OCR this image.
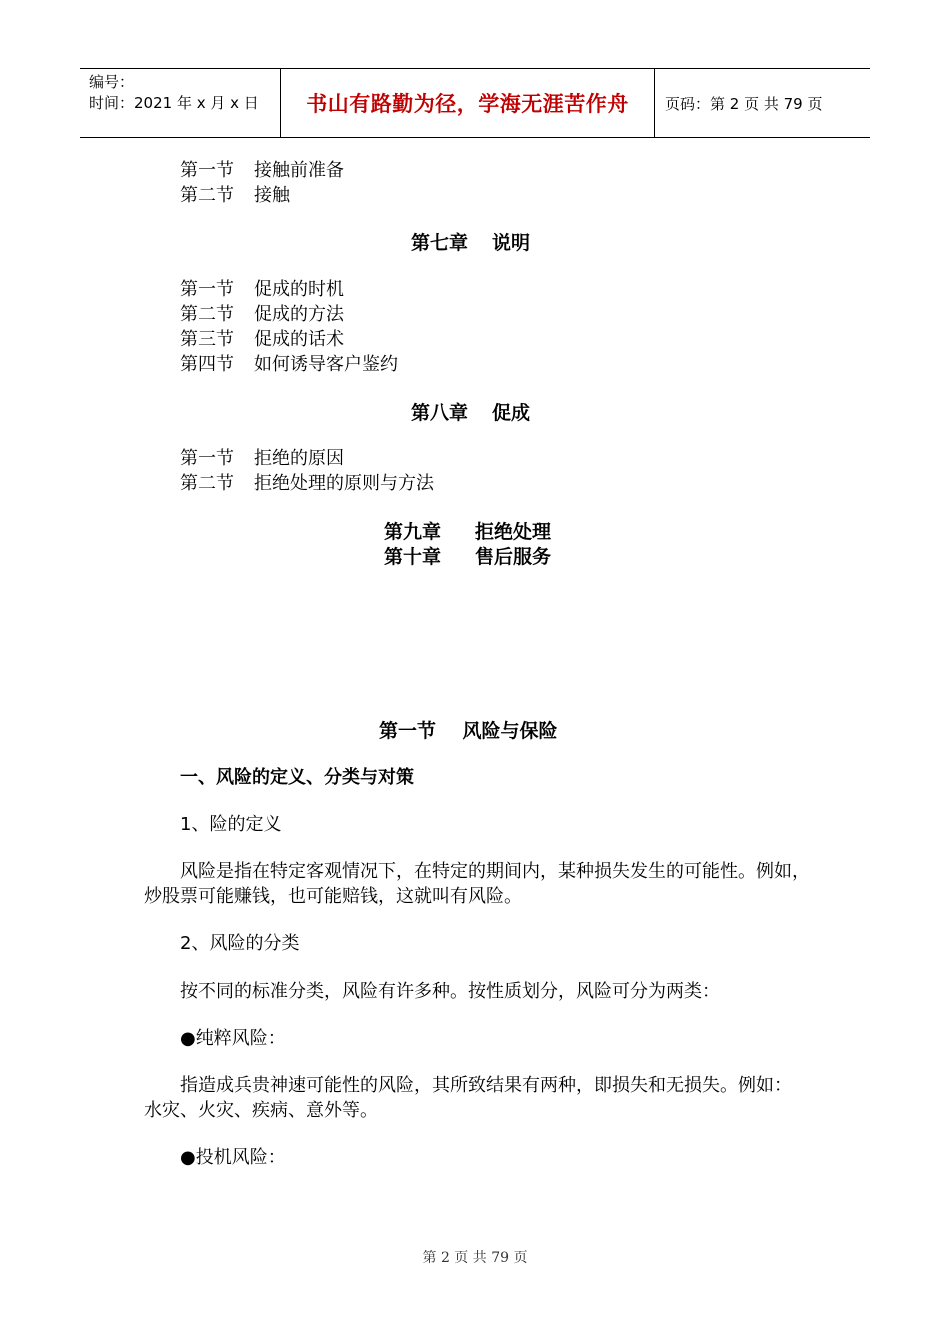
编号：
时间：2021 年 x 月 x 日	书山有路勤为径，学海无涯苦作舟	页码：第 2 页 共 79 页
第一节 接触前准备
第二节 接触
第七章 说明
第一节 促成的时机
第二节 促成的方法
第三节 促成的话术
第四节 如何诱导客户鉴约
第八章 促成
第一节 拒绝的原因
第二节 拒绝处理的原则与方法
第九章 拒绝处理
第十章 售后服务
第一节    风险与保险
一、风险的定义、分类与对策
1、险的定义
风险是指在特定客观情况下，在特定的期间内，某种损失发生的可能性。例如，
炒股票可能赚钱，也可能赔钱，这就叫有风险。
2、风险的分类
按不同的标准分类，风险有许多种。按性质划分，风险可分为两类：
●纯粹风险：
指造成兵贵神速可能性的风险，其所致结果有两种，即损失和无损失。例如：
水灾、火灾、疾病、意外等。
●投机风险：
第 2 页 共 79 页
